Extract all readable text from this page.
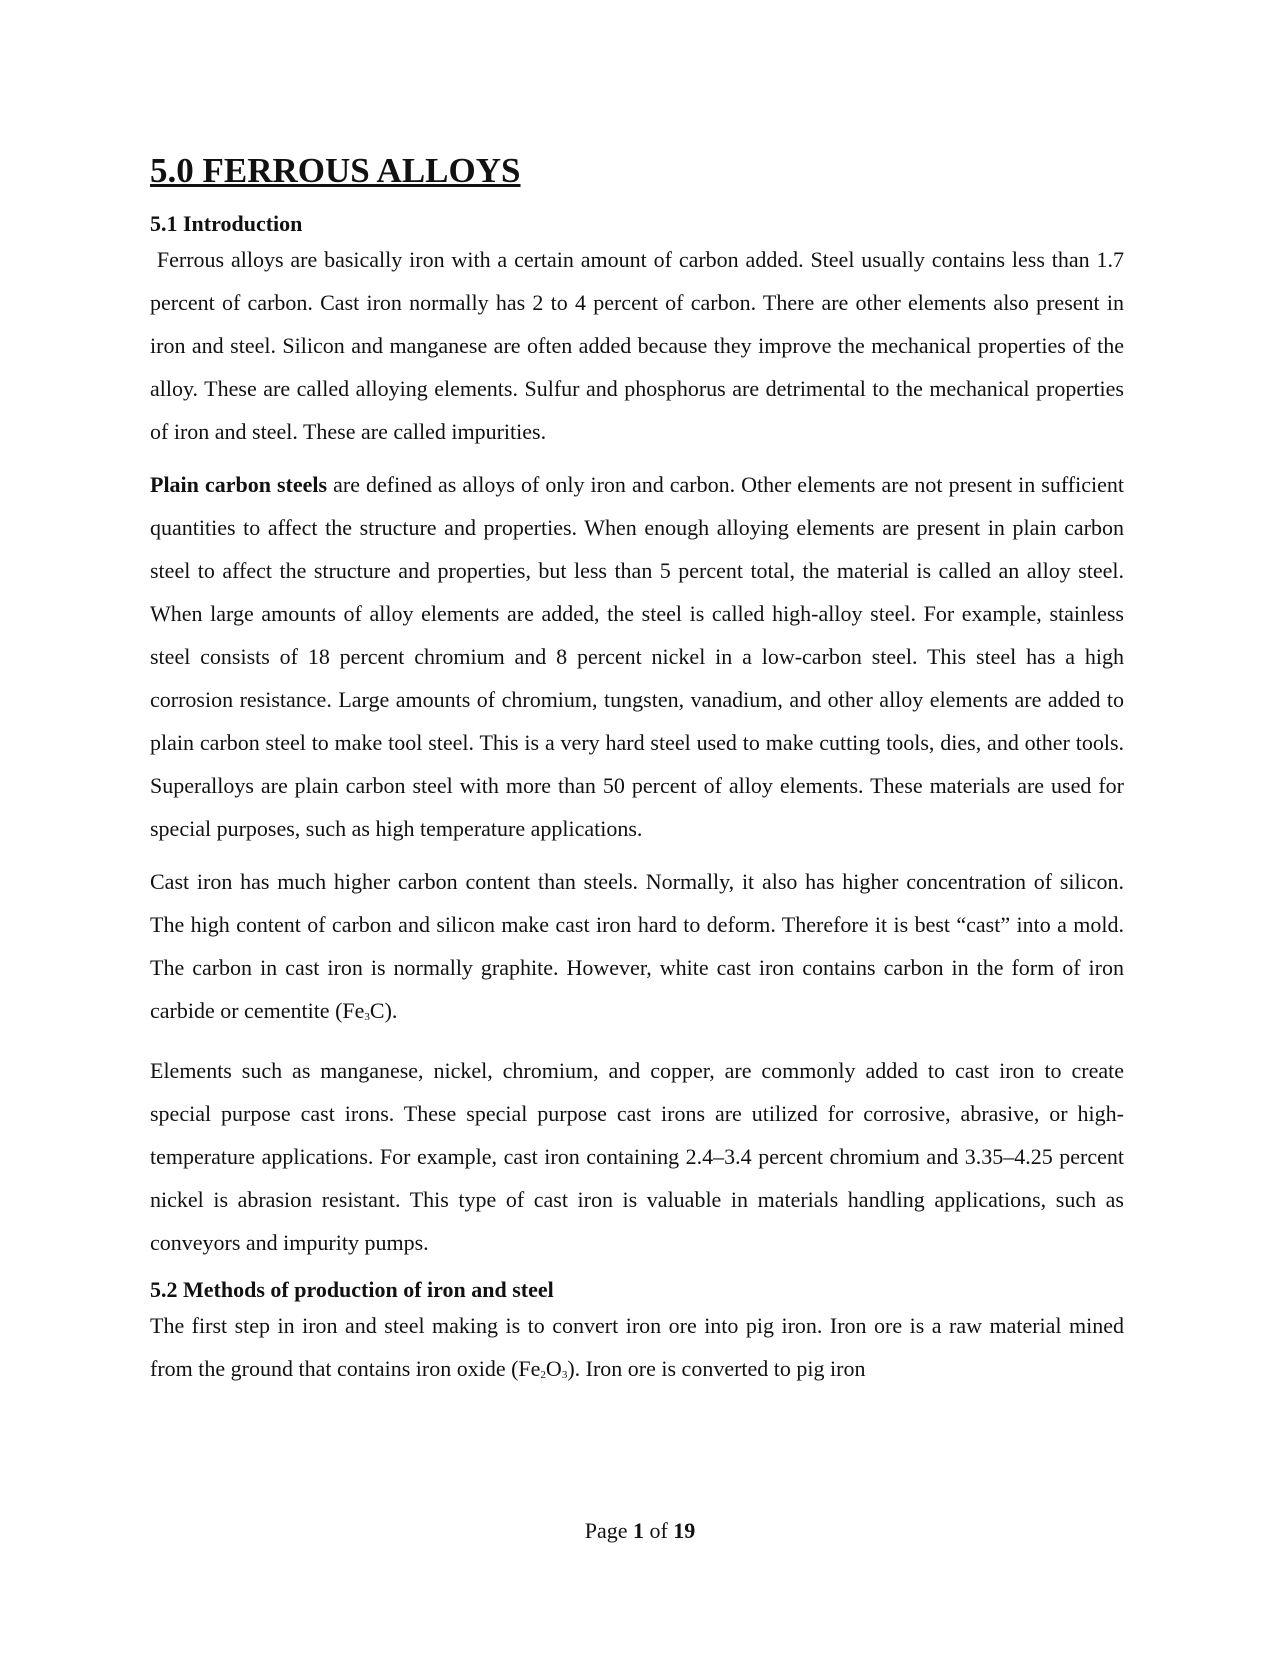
5.0 FERROUS ALLOYS
5.1 Introduction

Ferrous alloys are basically iron with a certain amount of carbon added. Steel usually contains less than 1.7 percent of carbon. Cast iron normally has 2 to 4 percent of carbon. There are other elements also present in iron and steel. Silicon and manganese are often added because they improve the mechanical properties of the alloy. These are called alloying elements. Sulfur and phosphorus are detrimental to the mechanical properties of iron and steel. These are called impurities.

Plain carbon steels are defined as alloys of only iron and carbon. Other elements are not present in sufficient quantities to affect the structure and properties. When enough alloying elements are present in plain carbon steel to affect the structure and properties, but less than 5 percent total, the material is called an alloy steel. When large amounts of alloy elements are added, the steel is called high-alloy steel. For example, stainless steel consists of 18 percent chromium and 8 percent nickel in a low-carbon steel. This steel has a high corrosion resistance. Large amounts of chromium, tungsten, vanadium, and other alloy elements are added to plain carbon steel to make tool steel. This is a very hard steel used to make cutting tools, dies, and other tools. Superalloys are plain carbon steel with more than 50 percent of alloy elements. These materials are used for special purposes, such as high temperature applications.

Cast iron has much higher carbon content than steels. Normally, it also has higher concentration of silicon. The high content of carbon and silicon make cast iron hard to deform. Therefore it is best “cast” into a mold. The carbon in cast iron is normally graphite. However, white cast iron contains carbon in the form of iron carbide or cementite $(Fe_3C)$.

Elements such as manganese, nickel, chromium, and copper, are commonly added to cast iron to create special purpose cast irons. These special purpose cast irons are utilized for corrosive, abrasive, or high-temperature applications. For example, cast iron containing 2.4–3.4 percent chromium and 3.35–4.25 percent nickel is abrasion resistant. This type of cast iron is valuable in materials handling applications, such as conveyors and impurity pumps.

5.2 Methods of production of iron and steel

The first step in iron and steel making is to convert iron ore into pig iron. Iron ore is a raw material mined from the ground that contains iron oxide $(Fe_2O_3)$. Iron ore is converted to pig iron

Page 1 of 19
